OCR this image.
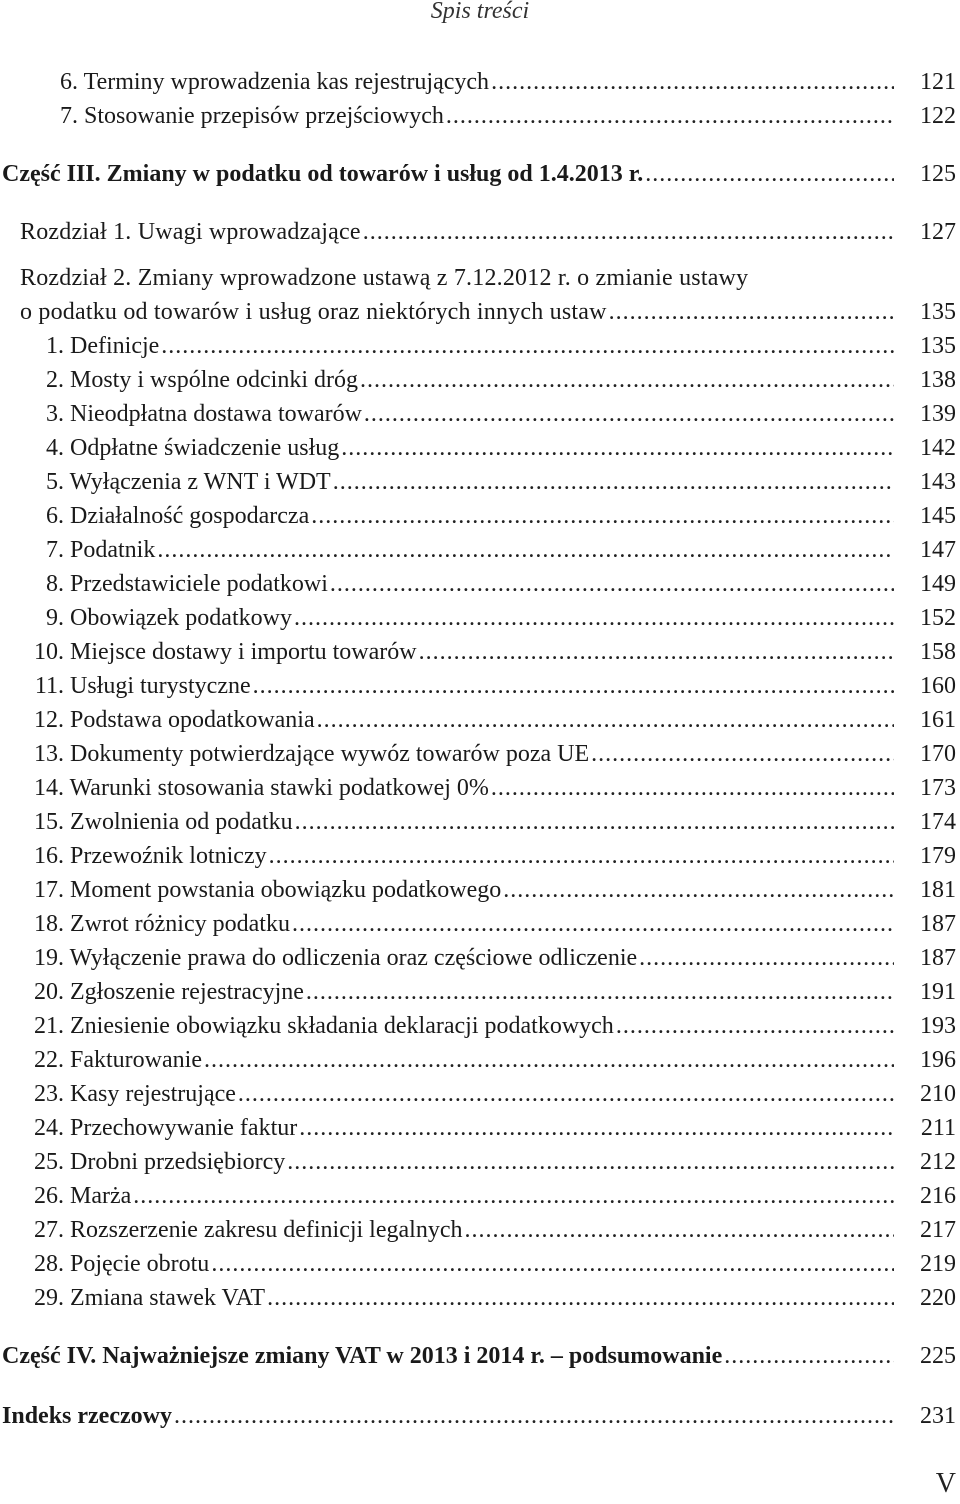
Spis treści
6. Terminy wprowadzenia kas rejestrujących .....	121
7. Stosowanie przepisów przejściowych .....	122
Część III. Zmiany w podatku od towarów i usług od 1.4.2013 r. .....	125
Rozdział 1. Uwagi wprowadzające .....	127
Rozdział 2. Zmiany wprowadzone ustawą z 7.12.2012 r. o zmianie ustawy
o podatku od towarów i usług oraz niektórych innych ustaw .....	135
1. Definicje .....	135
2. Mosty i wspólne odcinki dróg .....	138
3. Nieodpłatna dostawa towarów .....	139
4. Odpłatne świadczenie usług .....	142
5. Wyłączenia z WNT i WDT .....	143
6. Działalność gospodarcza .....	145
7. Podatnik .....	147
8. Przedstawiciele podatkowi .....	149
9. Obowiązek podatkowy .....	152
10. Miejsce dostawy i importu towarów .....	158
11. Usługi turystyczne .....	160
12. Podstawa opodatkowania .....	161
13. Dokumenty potwierdzające wywóz towarów poza UE .....	170
14. Warunki stosowania stawki podatkowej 0% .....	173
15. Zwolnienia od podatku .....	174
16. Przewoźnik lotniczy .....	179
17. Moment powstania obowiązku podatkowego .....	181
18. Zwrot różnicy podatku .....	187
19. Wyłączenie prawa do odliczenia oraz częściowe odliczenie .....	187
20. Zgłoszenie rejestracyjne .....	191
21. Zniesienie obowiązku składania deklaracji podatkowych .....	193
22. Fakturowanie .....	196
23. Kasy rejestrujące .....	210
24. Przechowywanie faktur .....	211
25. Drobni przedsiębiorcy .....	212
26. Marża .....	216
27. Rozszerzenie zakresu definicji legalnych .....	217
28. Pojęcie obrotu .....	219
29. Zmiana stawek VAT .....	220
Część IV. Najważniejsze zmiany VAT w 2013 i 2014 r. – podsumowanie .....	225
Indeks rzeczowy .....	231
V
